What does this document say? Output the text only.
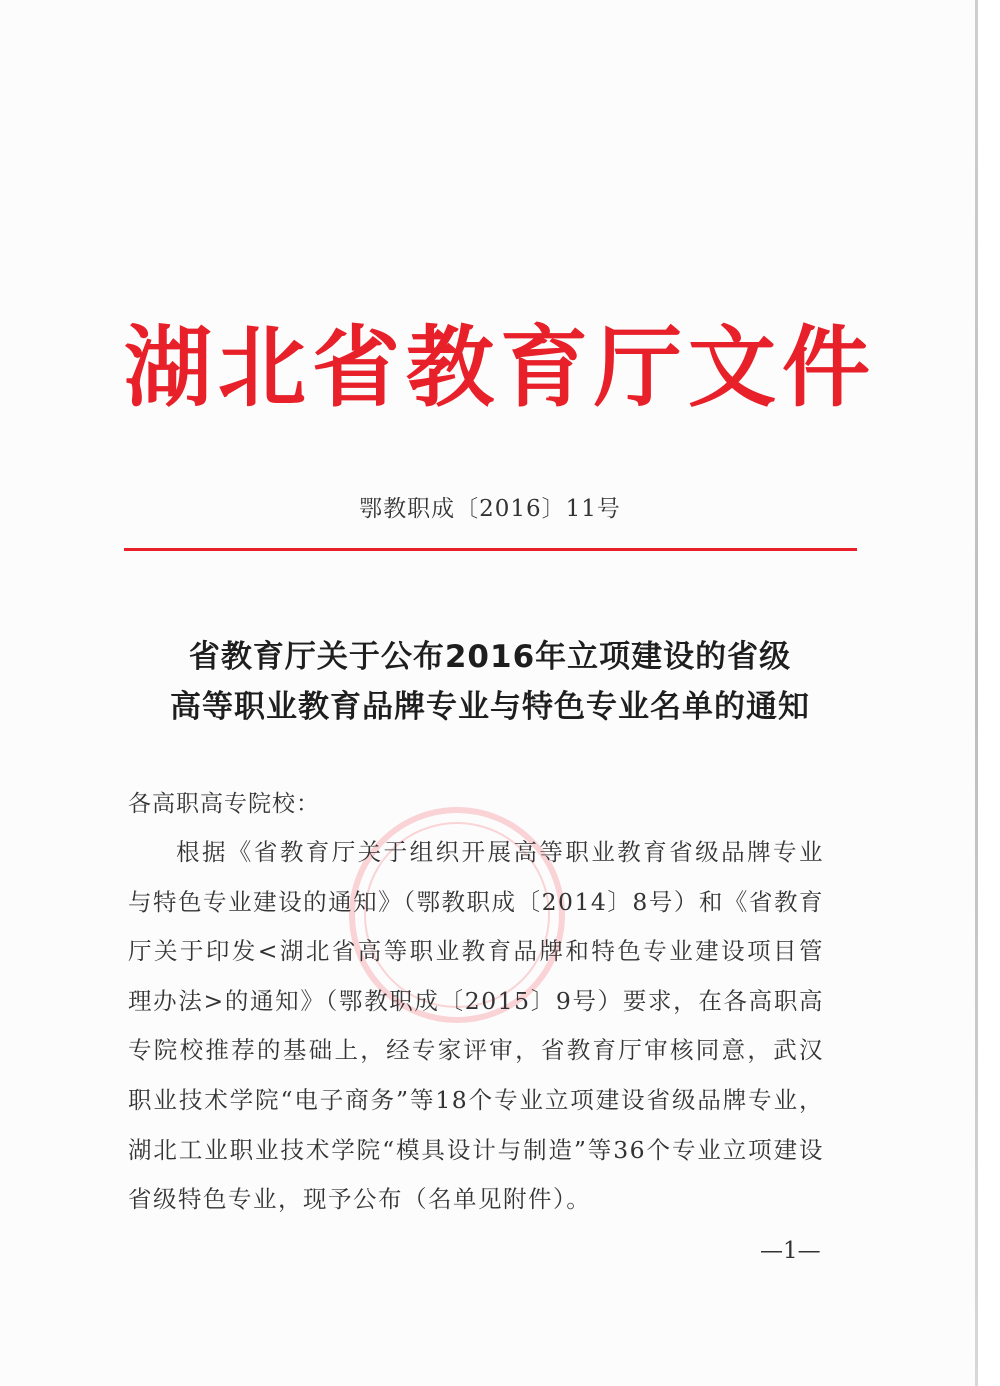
湖北省教育厅文件
鄂教职成〔2016〕11号
省教育厅关于公布2016年立项建设的省级
高等职业教育品牌专业与特色专业名单的通知
各高职高专院校：
根据《省教育厅关于组织开展高等职业教育省级品牌专业与特色专业建设的通知》（鄂教职成〔2014〕8号）和《省教育厅关于印发<湖北省高等职业教育品牌和特色专业建设项目管理办法>的通知》（鄂教职成〔2015〕9号）要求，在各高职高专院校推荐的基础上，经专家评审，省教育厅审核同意，武汉职业技术学院“电子商务”等18个专业立项建设省级品牌专业，湖北工业职业技术学院“模具设计与制造”等36个专业立项建设省级特色专业，现予公布（名单见附件）。
—1—
